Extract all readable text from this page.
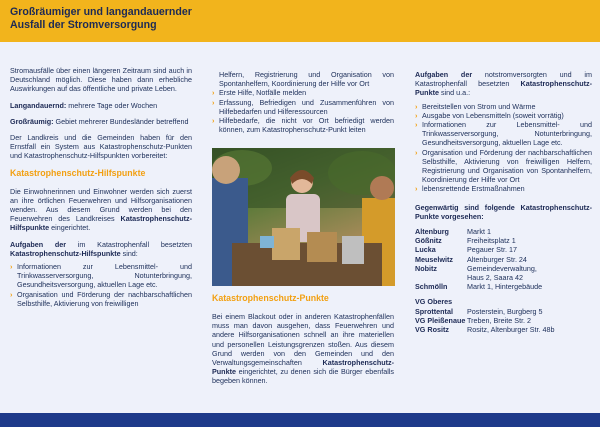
Großräumiger und langandauernder
Ausfall der Stromversorgung

Stromausfälle über einen längeren Zeitraum sind auch in Deutschland möglich. Diese haben dann erhebliche Auswirkungen auf das öffentliche und private Leben.

Langandauernd: mehrere Tage oder Wochen

Großräumig: Gebiet mehrerer Bundesländer betreffend

Der Landkreis und die Gemeinden haben für den Ernstfall ein System aus Katastrophenschutz-Punkten und Katastrophenschutz-Hilfspunkten vorbereitet:

Katastrophenschutz-Hilfspunkte

Die Einwohnerinnen und Einwohner werden sich zuerst an ihre örtlichen Feuerwehren und Hilfsorganisationen wenden. Aus diesem Grund werden bei den Feuerwehren des Landkreises Katastrophenschutz-Hilfspunkte eingerichtet.

Aufgaben der im Katastrophenfall besetzten Katastrophenschutz-Hilfspunkte sind:

› Informationen zur Lebensmittel- und Trinkwasserversorgung, Notunterbringung, Gesundheitsversorgung, aktuellen Lage etc.
› Organisation und Förderung der nachbarschaftlichen Selbsthilfe, Aktivierung von freiwilligen
Helfern, Registrierung und Organisation von Spontanhelfern, Koordinierung der Hilfe vor Ort
› Erste Hilfe, Notfälle melden
› Erfassung, Befriedigen und Zusammenführen von Hilfebedarfen und Hilferessourcen
› Hilfebedarfe, die nicht vor Ort befriedigt werden können, zum Katastrophenschutz-Punkt leiten
Katastrophenschutz-Punkte

Bei einem Blackout oder in anderen Katastrophenfällen muss man davon ausgehen, dass Feuerwehren und andere Hilfsorganisationen schnell an ihre materiellen und personellen Leistungsgrenzen stoßen. Aus diesem Grund werden von den Gemeinden und den Verwaltungsgemeinschaften Katastrophenschutz-Punkte eingerichtet, zu denen sich die Bürger ebenfalls begeben können.

Aufgaben der notstromversorgten und im Katastrophenfall besetzten Katastrophenschutz-Punkte sind u.a.:

› Bereitstellen von Strom und Wärme
› Ausgabe von Lebensmitteln (soweit vorrätig)
› Informationen zur Lebensmittel- und Trinkwasserversorgung, Notunterbringung, Gesundheitsversorgung, aktuellen Lage etc.
› Organisation und Förderung der nachbarschaftlichen Selbsthilfe, Aktivierung von freiwilligen Helfern, Registrierung und Organisation von Spontanhelfern, Koordinierung der Hilfe vor Ort
› lebensrettende Erstmaßnahmen

Gegenwärtig sind folgende Katastrophenschutz-Punkte vorgesehen:

Altenburg	Markt 1
Gößnitz	Freiheitsplatz 1
Lucka	Pegauer Str. 17
Meuselwitz	Altenburger Str. 24
Nobitz	Gemeindeverwaltung,
	Haus 2, Saara 42
Schmölln	Markt 1, Hintergebäude

VG Oberes	
Sprottental	Posterstein, Burgberg 5
VG Pleißenaue	Treben, Breite Str. 2
VG Rositz	Rositz, Altenburger Str. 48b
